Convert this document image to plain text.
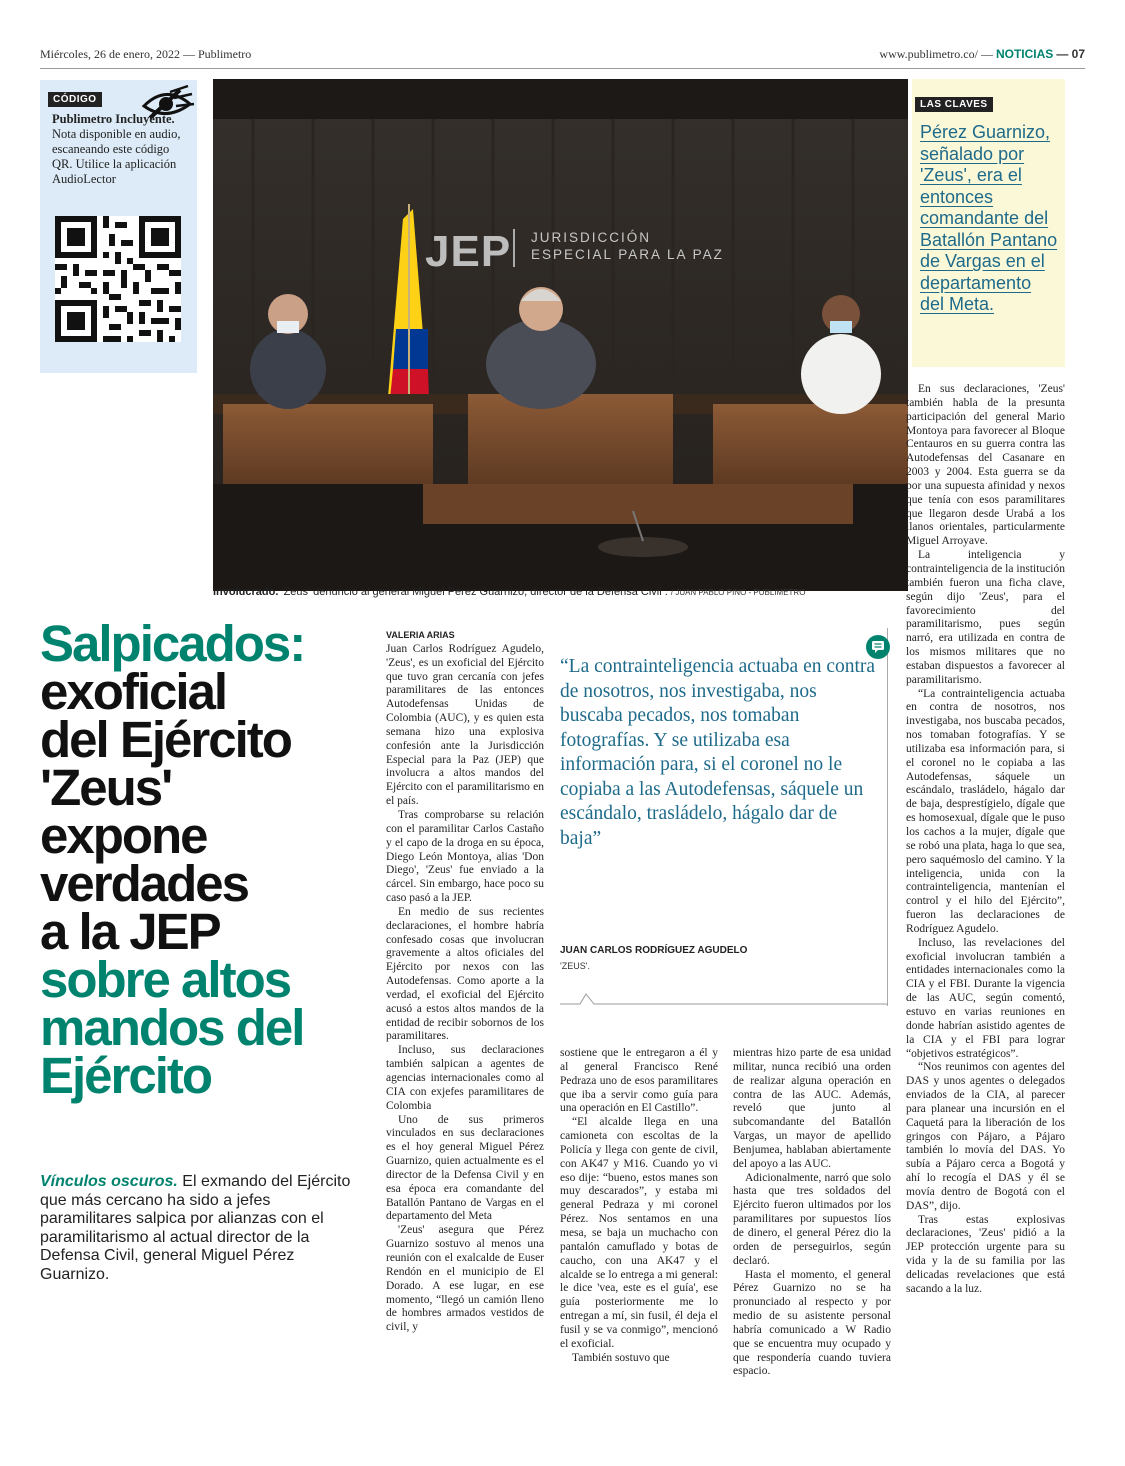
Miércoles, 26 de enero, 2022 — Publimetro	www.publimetro.co/ — NOTICIAS — 07
CÓDIGO
Publimetro Incluyente. Nota disponible en audio, escaneando este código QR. Utilice la aplicación AudioLector
JEP JURISDICCIÓN
ESPECIAL PARA LA PAZ
Involucrado. 'Zeus' denunció al general Miguel Pérez Guarnizo, director de la Defensa Civil . / JUAN PABLO PINO - PUBLIMETRO
LAS CLAVES
Pérez Guarnizo, señalado por 'Zeus', era el entonces comandante del Batallón Pantano de Vargas en el departamento del Meta.
Salpicados:
exoficial
del Ejército
'Zeus'
expone
verdades
a la JEP
sobre altos
mandos del
Ejército
Vínculos oscuros. El exmando del Ejército que más cercano ha sido a jefes paramilitares salpica por alianzas con el paramilitarismo al actual director de la Defensa Civil, general Miguel Pérez Guarnizo.

VALERIA ARIAS

Juan Carlos Rodríguez Agudelo, 'Zeus', es un exoficial del Ejército que tuvo gran cercanía con jefes paramilitares de las entonces Autodefensas Unidas de Colombia (AUC), y es quien esta semana hizo una explosiva confesión ante la Jurisdicción Especial para la Paz (JEP) que involucra a altos mandos del Ejército con el paramilitarismo en el país.

Tras comprobarse su relación con el paramilitar Carlos Castaño y el capo de la droga en su época, Diego León Montoya, alias 'Don Diego', 'Zeus' fue enviado a la cárcel. Sin embargo, hace poco su caso pasó a la JEP.

En medio de sus recientes declaraciones, el hombre habría confesado cosas que involucran gravemente a altos oficiales del Ejército por nexos con las Autodefensas. Como aporte a la verdad, el exoficial del Ejército acusó a estos altos mandos de la entidad de recibir sobornos de los paramilitares.

Incluso, sus declaraciones también salpican a agentes de agencias internacionales como al CIA con exjefes paramilitares de Colombia

Uno de sus primeros vinculados en sus declaraciones es el hoy general Miguel Pérez Guarnizo, quien actualmente es el director de la Defensa Civil y en esa época era comandante del Batallón Pantano de Vargas en el departamento del Meta

'Zeus' asegura que Pérez Guarnizo sostuvo al menos una reunión con el exalcalde de Euser Rendón en el municipio de El Dorado. A ese lugar, en ese momento, “llegó un camión lleno de hombres armados vestidos de civil, y

“La contrainteligencia actuaba en contra de nosotros, nos investigaba, nos buscaba pecados, nos tomaban fotografías. Y se utilizaba esa información para, si el coronel no le copiaba a las Autodefensas, sáquele un escándalo, trasládelo, hágalo dar de baja”
JUAN CARLOS RODRÍGUEZ AGUDELO
'ZEUS'.

sostiene que le entregaron a él y al general Francisco René Pedraza uno de esos paramilitares que iba a servir como guía para una operación en El Castillo”.

“El alcalde llega en una camioneta con escoltas de la Policía y llega con gente de civil, con AK47 y M16. Cuando yo vi eso dije: “bueno, estos manes son muy descarados”, y estaba mi general Pedraza y mi coronel Pérez. Nos sentamos en una mesa, se baja un muchacho con pantalón camuflado y botas de caucho, con una AK47 y el alcalde se lo entrega a mi general: le dice 'vea, este es el guía', ese guía posteriormente me lo entregan a mí, sin fusil, él deja el fusil y se va conmigo”, mencionó el exoficial.

También sostuvo que

mientras hizo parte de esa unidad militar, nunca recibió una orden de realizar alguna operación en contra de las AUC. Además, reveló que junto al subcomandante del Batallón Vargas, un mayor de apellido Benjumea, hablaban abiertamente del apoyo a las AUC.

Adicionalmente, narró que solo hasta que tres soldados del Ejército fueron ultimados por los paramilitares por supuestos líos de dinero, el general Pérez dio la orden de perseguirlos, según declaró.

Hasta el momento, el general Pérez Guarnizo no se ha pronunciado al respecto y por medio de su asistente personal habría comunicado a W Radio que se encuentra muy ocupado y que respondería cuando tuviera espacio.

En sus declaraciones, 'Zeus' también habla de la presunta participación del general Mario Montoya para favorecer al Bloque Centauros en su guerra contra las Autodefensas del Casanare en 2003 y 2004. Esta guerra se da por una supuesta afinidad y nexos que tenía con esos paramilitares que llegaron desde Urabá a los llanos orientales, particularmente Miguel Arroyave.

La inteligencia y contrainteligencia de la institución también fueron una ficha clave, según dijo 'Zeus', para el favorecimiento del paramilitarismo, pues según narró, era utilizada en contra de los mismos militares que no estaban dispuestos a favorecer al paramilitarismo.

“La contrainteligencia actuaba en contra de nosotros, nos investigaba, nos buscaba pecados, nos tomaban fotografías. Y se utilizaba esa información para, si el coronel no le copiaba a las Autodefensas, sáquele un escándalo, trasládelo, hágalo dar de baja, desprestígielo, dígale que es homosexual, dígale que le puso los cachos a la mujer, dígale que se robó una plata, haga lo que sea, pero saquémoslo del camino. Y la inteligencia, unida con la contrainteligencia, mantenían el control y el hilo del Ejército”, fueron las declaraciones de Rodríguez Agudelo.

Incluso, las revelaciones del exoficial involucran también a entidades internacionales como la CIA y el FBI. Durante la vigencia de las AUC, según comentó, estuvo en varias reuniones en donde habrían asistido agentes de la CIA y el FBI para lograr “objetivos estratégicos”.

“Nos reunimos con agentes del DAS y unos agentes o delegados enviados de la CIA, al parecer para planear una incursión en el Caquetá para la liberación de los gringos con Pájaro, a Pájaro también lo movía del DAS. Yo subía a Pájaro cerca a Bogotá y ahí lo recogía el DAS y él se movía dentro de Bogotá con el DAS”, dijo.

Tras estas explosivas declaraciones, 'Zeus' pidió a la JEP protección urgente para su vida y la de su familia por las delicadas revelaciones que está sacando a la luz.
